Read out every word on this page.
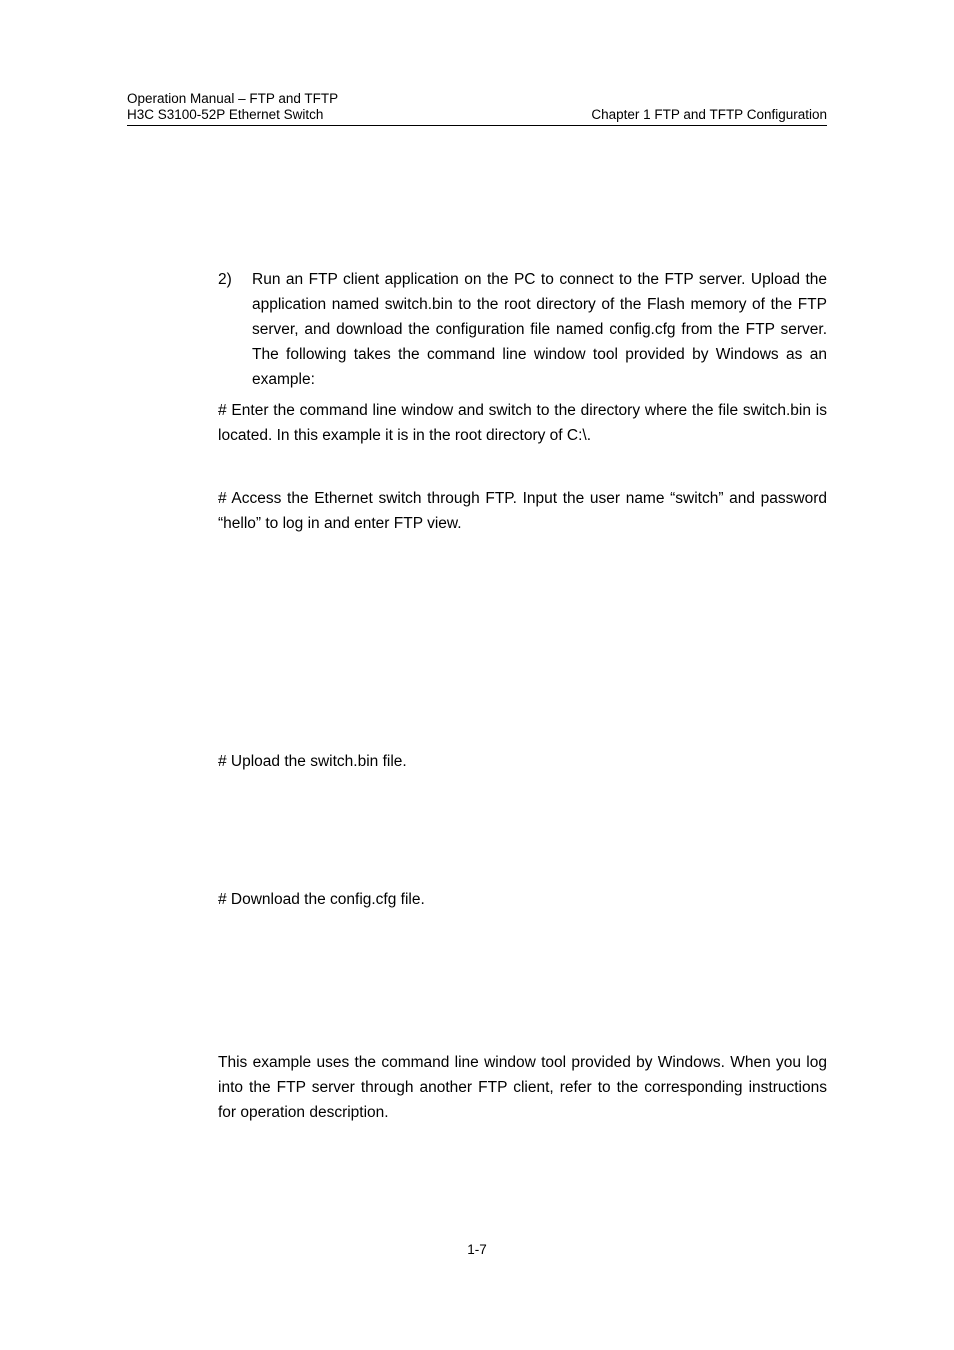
Operation Manual – FTP and TFTP
H3C S3100-52P Ethernet Switch	Chapter 1 FTP and TFTP Configuration
2) Run an FTP client application on the PC to connect to the FTP server. Upload the application named switch.bin to the root directory of the Flash memory of the FTP server, and download the configuration file named config.cfg from the FTP server. The following takes the command line window tool provided by Windows as an example:
# Enter the command line window and switch to the directory where the file switch.bin is located. In this example it is in the root directory of C:\.
# Access the Ethernet switch through FTP. Input the user name “switch” and password “hello” to log in and enter FTP view.
# Upload the switch.bin file.
# Download the config.cfg file.
This example uses the command line window tool provided by Windows. When you log into the FTP server through another FTP client, refer to the corresponding instructions for operation description.
1-7
